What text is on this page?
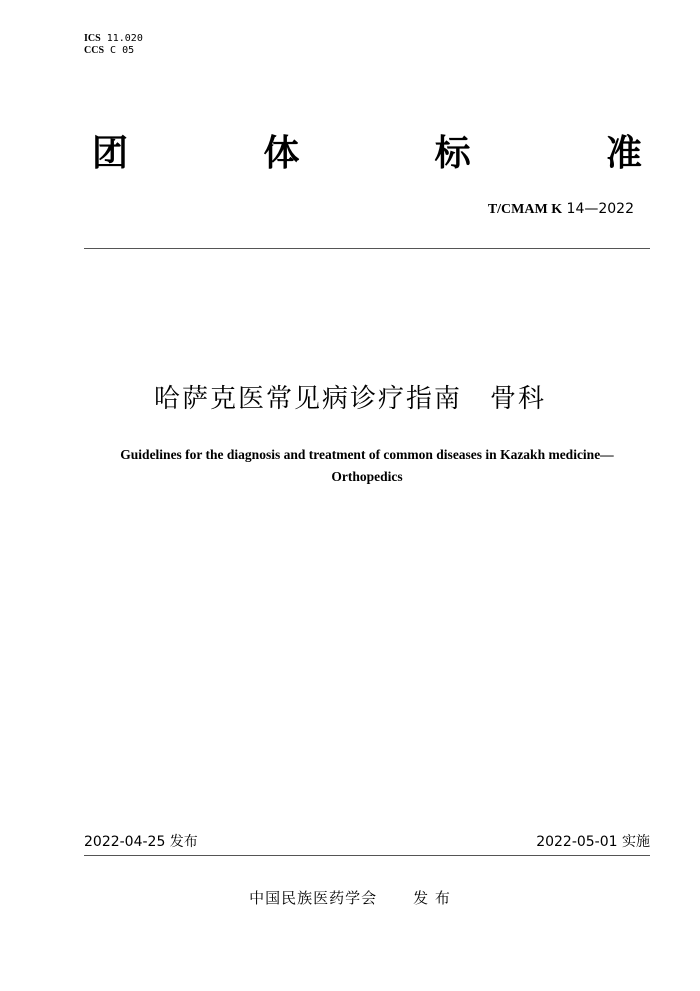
ICS 11.020
CCS C 05
团	体	标	准
T/CMAM K 14—2022
哈萨克医常见病诊疗指南　骨科
Guidelines for the diagnosis and treatment of common diseases in Kazakh medicine—
Orthopedics
2022-04-25 发布	2022-05-01 实施
中国民族医药学会 发 布
